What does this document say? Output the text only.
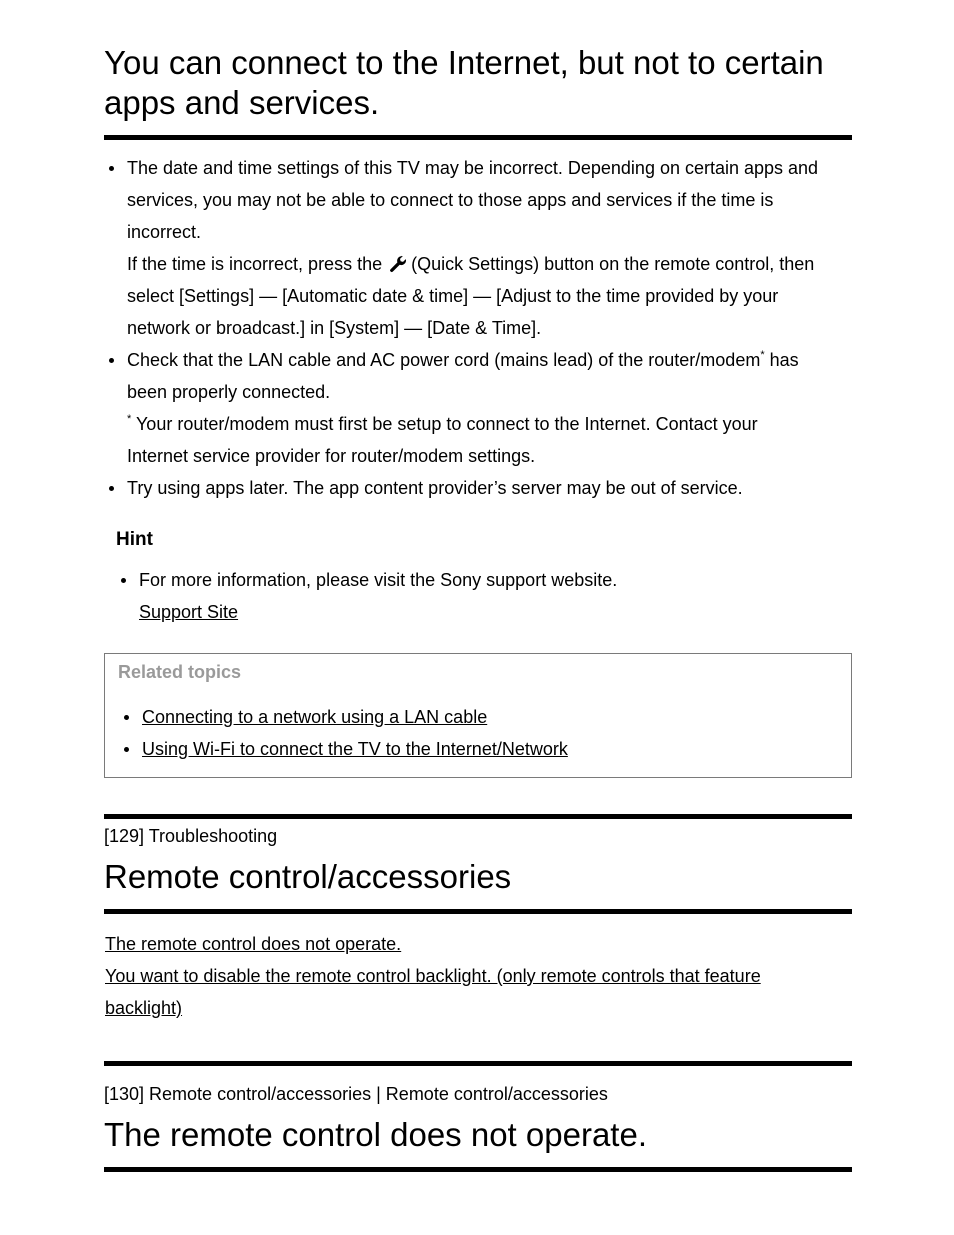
You can connect to the Internet, but not to certain
apps and services.
The date and time settings of this TV may be incorrect. Depending on certain apps and
services, you may not be able to connect to those apps and services if the time is
incorrect.
If the time is incorrect, press the (Quick Settings) button on the remote control, then
select [Settings] — [Automatic date & time] — [Adjust to the time provided by your
network or broadcast.] in [System] — [Date & Time].
Check that the LAN cable and AC power cord (mains lead) of the router/modem* has
been properly connected.
* Your router/modem must first be setup to connect to the Internet. Contact your
Internet service provider for router/modem settings.
Try using apps later. The app content provider’s server may be out of service.

Hint

For more information, please visit the Sony support website.
Support Site
Related topics
Connecting to a network using a LAN cable
Using Wi-Fi to connect the TV to the Internet/Network
[129] Troubleshooting
Remote control/accessories
The remote control does not operate.
You want to disable the remote control backlight. (only remote controls that feature
backlight)
[130] Remote control/accessories | Remote control/accessories
The remote control does not operate.
